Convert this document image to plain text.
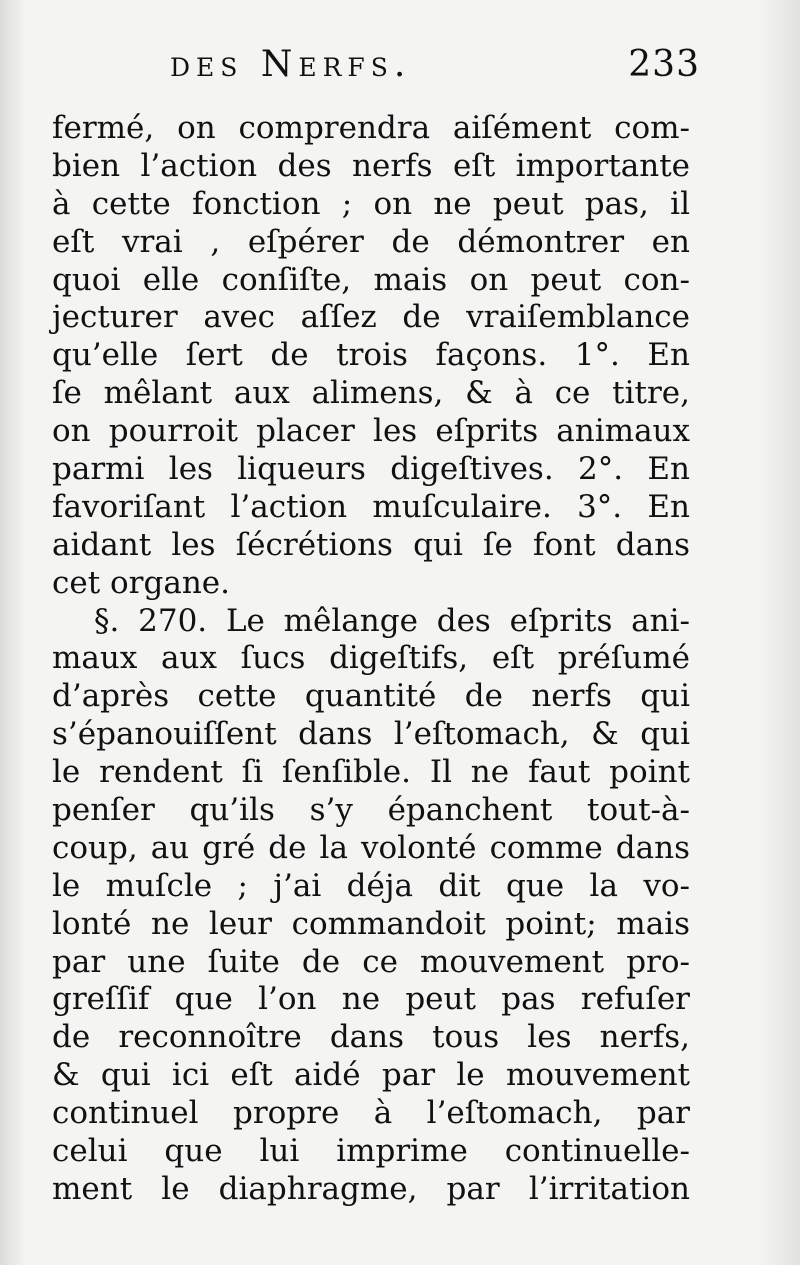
des Nerfs.	233
fermé, on comprendra aiſément com-
bien l’action des nerfs eſt importante
à cette fonction ; on ne peut pas, il
eſt vrai , eſpérer de démontrer en
quoi elle conſiſte, mais on peut con-
jecturer avec aſſez de vraiſemblance
qu’elle ſert de trois façons. 1°. En
ſe mêlant aux alimens, & à ce titre,
on pourroit placer les eſprits animaux
parmi les liqueurs digeſtives. 2°. En
favoriſant l’action muſculaire. 3°. En
aidant les ſécrétions qui ſe font dans
cet organe.
§. 270. Le mêlange des eſprits ani-
maux aux ſucs digeſtifs, eſt préſumé
d’après cette quantité de nerfs qui
s’épanouiſſent dans l’eſtomach, & qui
le rendent ſi ſenſible. Il ne faut point
penſer qu’ils s’y épanchent tout-à-
coup, au gré de la volonté comme dans
le muſcle ; j’ai déja dit que la vo-
lonté ne leur commandoit point; mais
par une ſuite de ce mouvement pro-
greſſif que l’on ne peut pas refuſer
de reconnoître dans tous les nerfs,
& qui ici eſt aidé par le mouvement
continuel propre à l’eſtomach, par
celui que lui imprime continuelle-
ment le diaphragme, par l’irritation
